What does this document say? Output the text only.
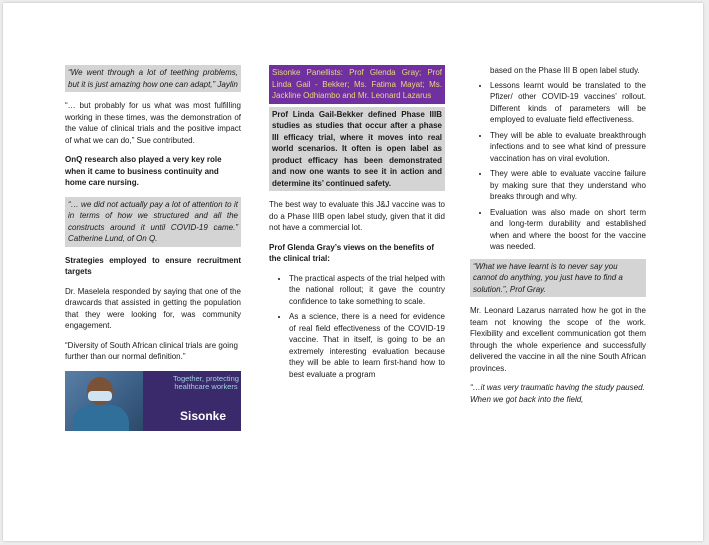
“We went through a lot of teething problems, but it is just amazing how one can adapt,” Jaylin

“… but probably for us what was most fulfilling working in these times, was the demonstration of the value of clinical trials and the positive impact of what we can do,” Sue contributed.

OnQ research also played a very key role when it came to business continuity and home care nursing.

“… we did not actually pay a lot of attention to it in terms of how we structured and all the constructs around it until COVID-19 came.” Catherine Lund, of On Q.

Strategies employed to ensure recruitment targets

Dr. Maselela responded by saying that one of the drawcards that assisted in getting the population that they were looking for, was community engagement.

“Diversity of South African clinical trials are going further than our normal definition.”

Together, protecting healthcare workers
Sisonke

Sisonke Panellists: Prof Glenda Gray; Prof Linda Gail - Bekker; Ms. Fatima Mayat; Ms. Jackline Odhiambo and Mr. Leonard Lazarus

Prof Linda Gail-Bekker defined Phase IIIB studies as studies that occur after a phase III efficacy trial, where it moves into real world scenarios. It often is open label as product efficacy has been demonstrated and now one wants to see it in action and determine its’ continued safety.

The best way to evaluate this J&J vaccine was to do a Phase IIIB open label study, given that it did not have a commercial lot.

Prof Glenda Gray’s views on the benefits of the clinical trial:

• The practical aspects of the trial helped with the national rollout; it gave the country confidence to take something to scale.
• As a science, there is a need for evidence of real field effectiveness of the COVID-19 vaccine. That in itself, is going to be an extremely interesting evaluation because they will be able to learn first-hand how to best evaluate a program

based on the Phase III B open label study.

• Lessons learnt would be translated to the Pfizer/ other COVID-19 vaccines’ rollout. Different kinds of parameters will be employed to evaluate field effectiveness.
• They will be able to evaluate breakthrough infections and to see what kind of pressure vaccination has on viral evolution.
• They were able to evaluate vaccine failure by making sure that they understand who breaks through and why.
• Evaluation was also made on short term and long-term durability and established when and where the boost for the vaccine was needed.

“What we have learnt is to never say you cannot do anything, you just have to find a solution.”, Prof Gray.

Mr. Leonard Lazarus narrated how he got in the team not knowing the scope of the work. Flexibility and excellent communication got them through the whole experience and successfully delivered the vaccine in all the nine South African provinces.

“…it was very traumatic having the study paused. When we got back into the field,
